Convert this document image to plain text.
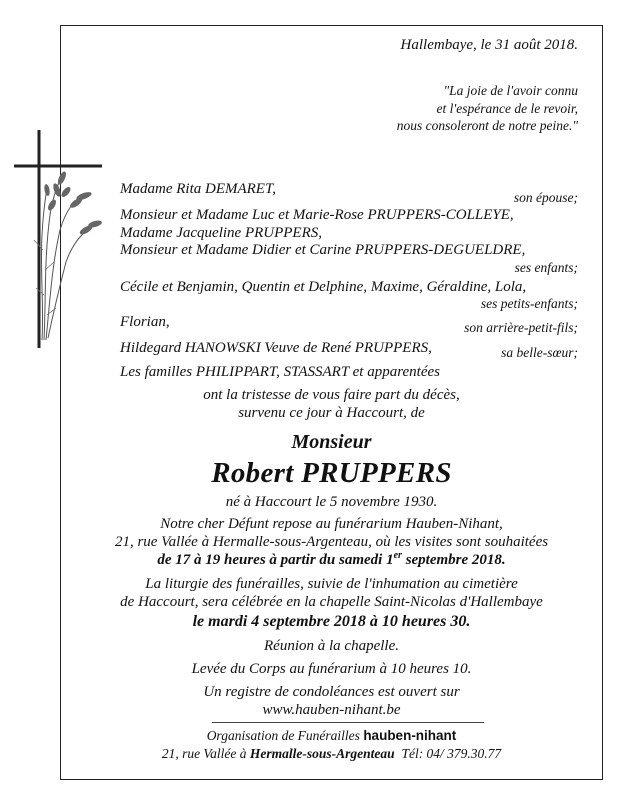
Hallembaye, le 31 août 2018.
"La joie de l'avoir connu
et l'espérance de le revoir,
nous consoleront de notre peine."
Madame Rita DEMARET,
son épouse;
Monsieur et Madame Luc et Marie-Rose PRUPPERS-COLLEYE,
Madame Jacqueline PRUPPERS,
Monsieur et Madame Didier et Carine PRUPPERS-DEGUELDRE,
ses enfants;
Cécile et Benjamin, Quentin et Delphine, Maxime, Géraldine, Lola,
ses petits-enfants;
Florian,	son arrière-petit-fils;
Hildegard HANOWSKI Veuve de René PRUPPERS,	sa belle-sœur;
Les familles PHILIPPART, STASSART et apparentées
ont la tristesse de vous faire part du décès,
survenu ce jour à Haccourt, de
Monsieur
Robert PRUPPERS
né à Haccourt le 5 novembre 1930.
Notre cher Défunt repose au funérarium Hauben-Nihant,
21, rue Vallée à Hermalle-sous-Argenteau, où les visites sont souhaitées
de 17 à 19 heures à partir du samedi 1er septembre 2018.
La liturgie des funérailles, suivie de l'inhumation au cimetière
de Haccourt, sera célébrée en la chapelle Saint-Nicolas d'Hallembaye
le mardi 4 septembre 2018 à 10 heures 30.
Réunion à la chapelle.
Levée du Corps au funérarium à 10 heures 10.
Un registre de condoléances est ouvert sur
www.hauben-nihant.be
Organisation de Funérailles hauben-nihant
21, rue Vallée à Hermalle-sous-Argenteau Tél: 04/ 379.30.77
